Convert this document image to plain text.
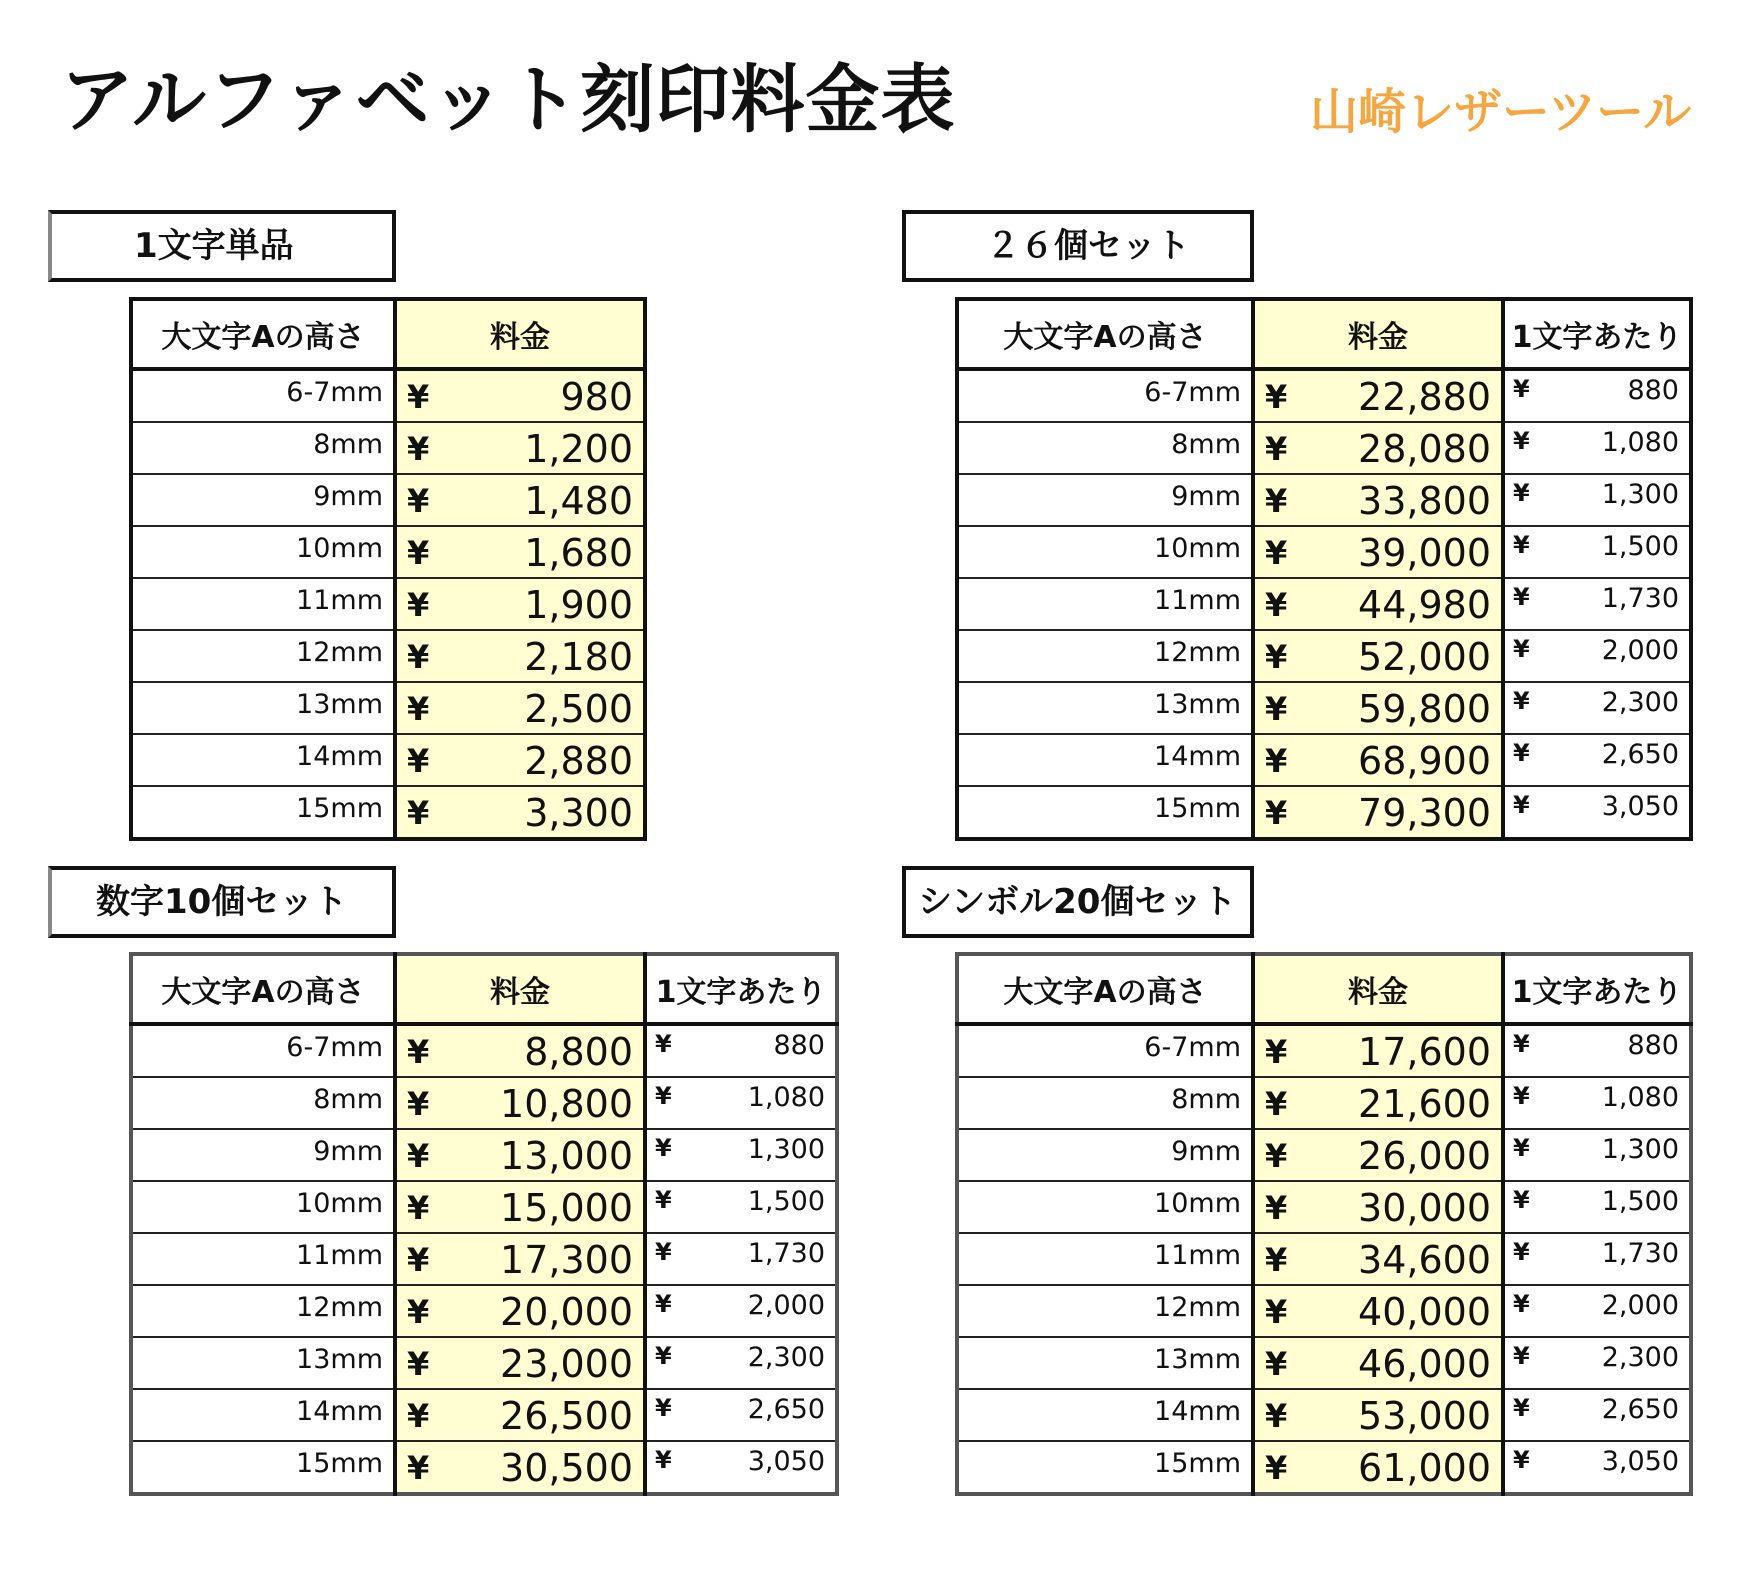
アルファベット刻印料金表	山崎レザーツール
1文字単品	２６個セット
数字10個セット	シンボル20個セット
大文字Aの高さ	料金
6-7mm	¥ 980

8mm	¥ 1,200

9mm	¥ 1,480

10mm	¥ 1,680

11mm	¥ 1,900

12mm	¥ 2,180

13mm	¥ 2,500

14mm	¥ 2,880

15mm	¥ 3,300
大文字Aの高さ	料金	1文字あたり
6-7mm	¥ 22,880	¥ 880

8mm	¥ 28,080	¥ 1,080

9mm	¥ 33,800	¥ 1,300

10mm	¥ 39,000	¥ 1,500

11mm	¥ 44,980	¥ 1,730

12mm	¥ 52,000	¥ 2,000

13mm	¥ 59,800	¥ 2,300

14mm	¥ 68,900	¥ 2,650

15mm	¥ 79,300	¥ 3,050
大文字Aの高さ	料金	1文字あたり
6-7mm	¥ 8,800	¥ 880

8mm	¥ 10,800	¥ 1,080

9mm	¥ 13,000	¥ 1,300

10mm	¥ 15,000	¥ 1,500

11mm	¥ 17,300	¥ 1,730

12mm	¥ 20,000	¥ 2,000

13mm	¥ 23,000	¥ 2,300

14mm	¥ 26,500	¥ 2,650

15mm	¥ 30,500	¥ 3,050
大文字Aの高さ	料金	1文字あたり
6-7mm	¥ 17,600	¥ 880

8mm	¥ 21,600	¥ 1,080

9mm	¥ 26,000	¥ 1,300

10mm	¥ 30,000	¥ 1,500

11mm	¥ 34,600	¥ 1,730

12mm	¥ 40,000	¥ 2,000

13mm	¥ 46,000	¥ 2,300

14mm	¥ 53,000	¥ 2,650

15mm	¥ 61,000	¥ 3,050
